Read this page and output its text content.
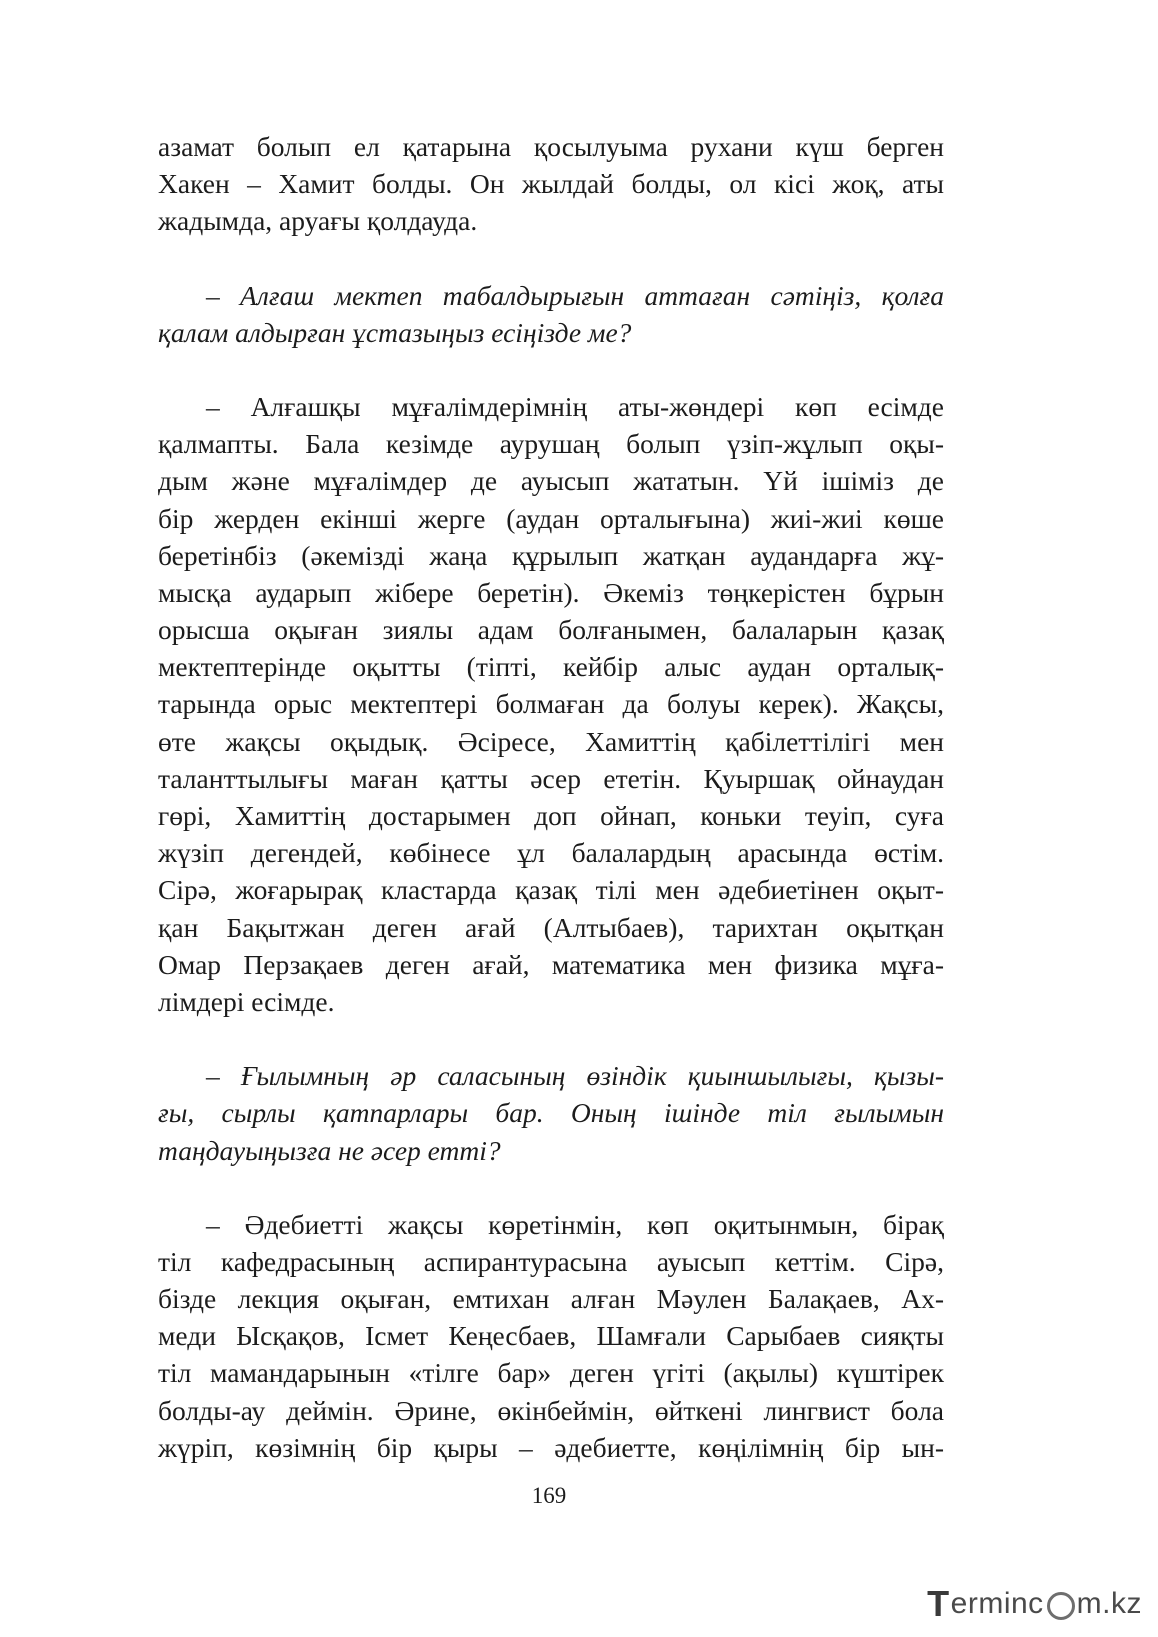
азамат болып ел қатарына қосылуыма рухани күш берген
Хакен – Хамит болды. Он жылдай болды, ол кісі жоқ, аты
жадымда, аруағы қолдауда.
– Алғаш мектеп табалдырығын аттаған сәтіңіз, қолға
қалам алдырған ұстазыңыз есіңізде ме?
– Алғашқы мұғалімдерімнің аты-жөндері көп есімде
қалмапты. Бала кезімде аурушаң болып үзіп-жұлып оқы-
дым және мұғалімдер де ауысып жататын. Үй ішіміз де
бір жерден екінші жерге (аудан орталығына) жиі-жиі көше
беретінбіз (әкемізді жаңа құрылып жатқан аудандарға жұ-
мысқа аударып жібере беретін). Әкеміз төңкерістен бұрын
орысша оқыған зиялы адам болғанымен, балаларын қазақ
мектептерінде оқытты (тіпті, кейбір алыс аудан орталық-
тарында орыс мектептері болмаған да болуы керек). Жақсы,
өте жақсы оқыдық. Әсіресе, Хамиттің қабілеттілігі мен
таланттылығы маған қатты әсер ететін. Қуыршақ ойнаудан
гөрі, Хамиттің достарымен доп ойнап, коньки теуіп, суға
жүзіп дегендей, көбінесе ұл балалардың арасында өстім.
Сірә, жоғарырақ кластарда қазақ тілі мен әдебиетінен оқыт-
қан Бақытжан деген ағай (Алтыбаев), тарихтан оқытқан
Омар Перзақаев деген ағай, математика мен физика мұға-
лімдері есімде.
– Ғылымның әр саласының өзіндік қиыншылығы, қызы-
ғы, сырлы қатпарлары бар. Оның ішінде тіл ғылымын
таңдауыңызға не әсер етті?
– Әдебиетті жақсы көретінмін, көп оқитынмын, бірақ
тіл кафедрасының аспирантурасына ауысып кеттім. Сірә,
бізде лекция оқыған, емтихан алған Мәулен Балақаев, Ах-
меди Ысқақов, Ісмет Кеңесбаев, Шамғали Сарыбаев сияқты
тіл мамандарынын «тілге бар» деген үгіті (ақылы) күштірек
болды-ау деймін. Әрине, өкінбеймін, өйткені лингвист бола
жүріп, көзімнің бір қыры – әдебиетте, көңілімнің бір ын-
169
T ermіnc m.kz
